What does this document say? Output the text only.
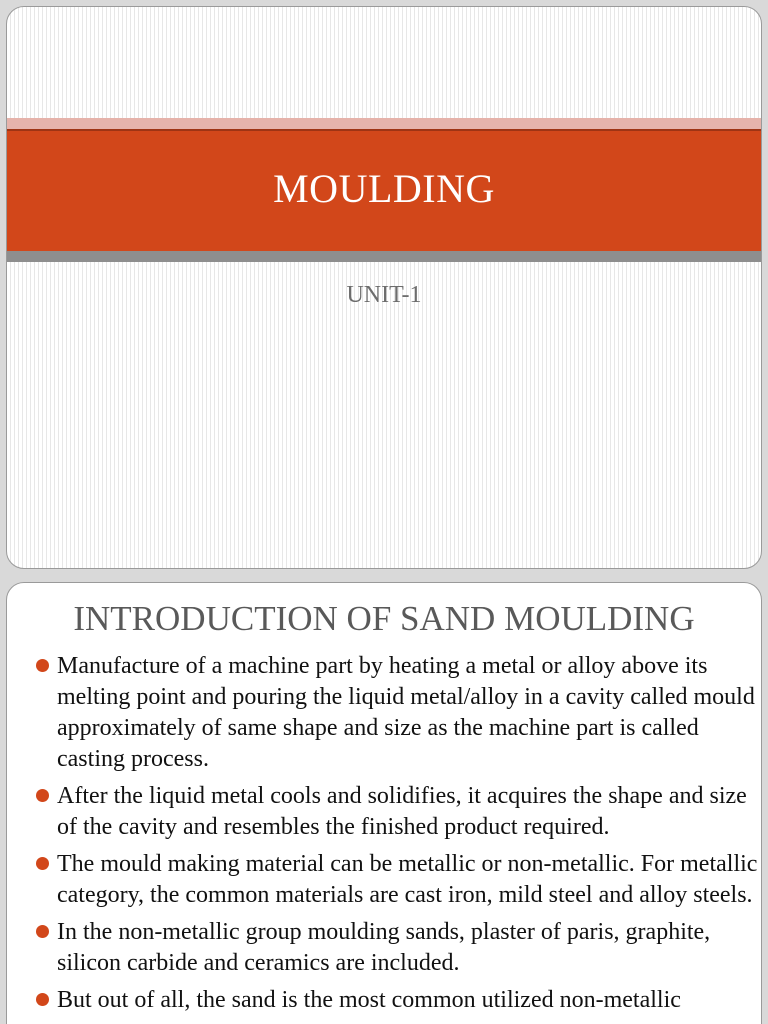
MOULDING
UNIT-1
INTRODUCTION OF SAND MOULDING
Manufacture of a machine part by heating a metal or alloy above its melting point and pouring the liquid metal/alloy in a cavity called mould approximately of same shape and size as the machine part is called casting process.
After the liquid metal cools and solidifies, it acquires the shape and size of the cavity and resembles the finished product required.
The mould making material can be metallic or non-metallic. For metallic category, the common materials are cast iron, mild steel and alloy steels.
In the non-metallic group moulding sands, plaster of paris, graphite, silicon carbide and ceramics are included.
But out of all, the sand is the most common utilized non-metallic
